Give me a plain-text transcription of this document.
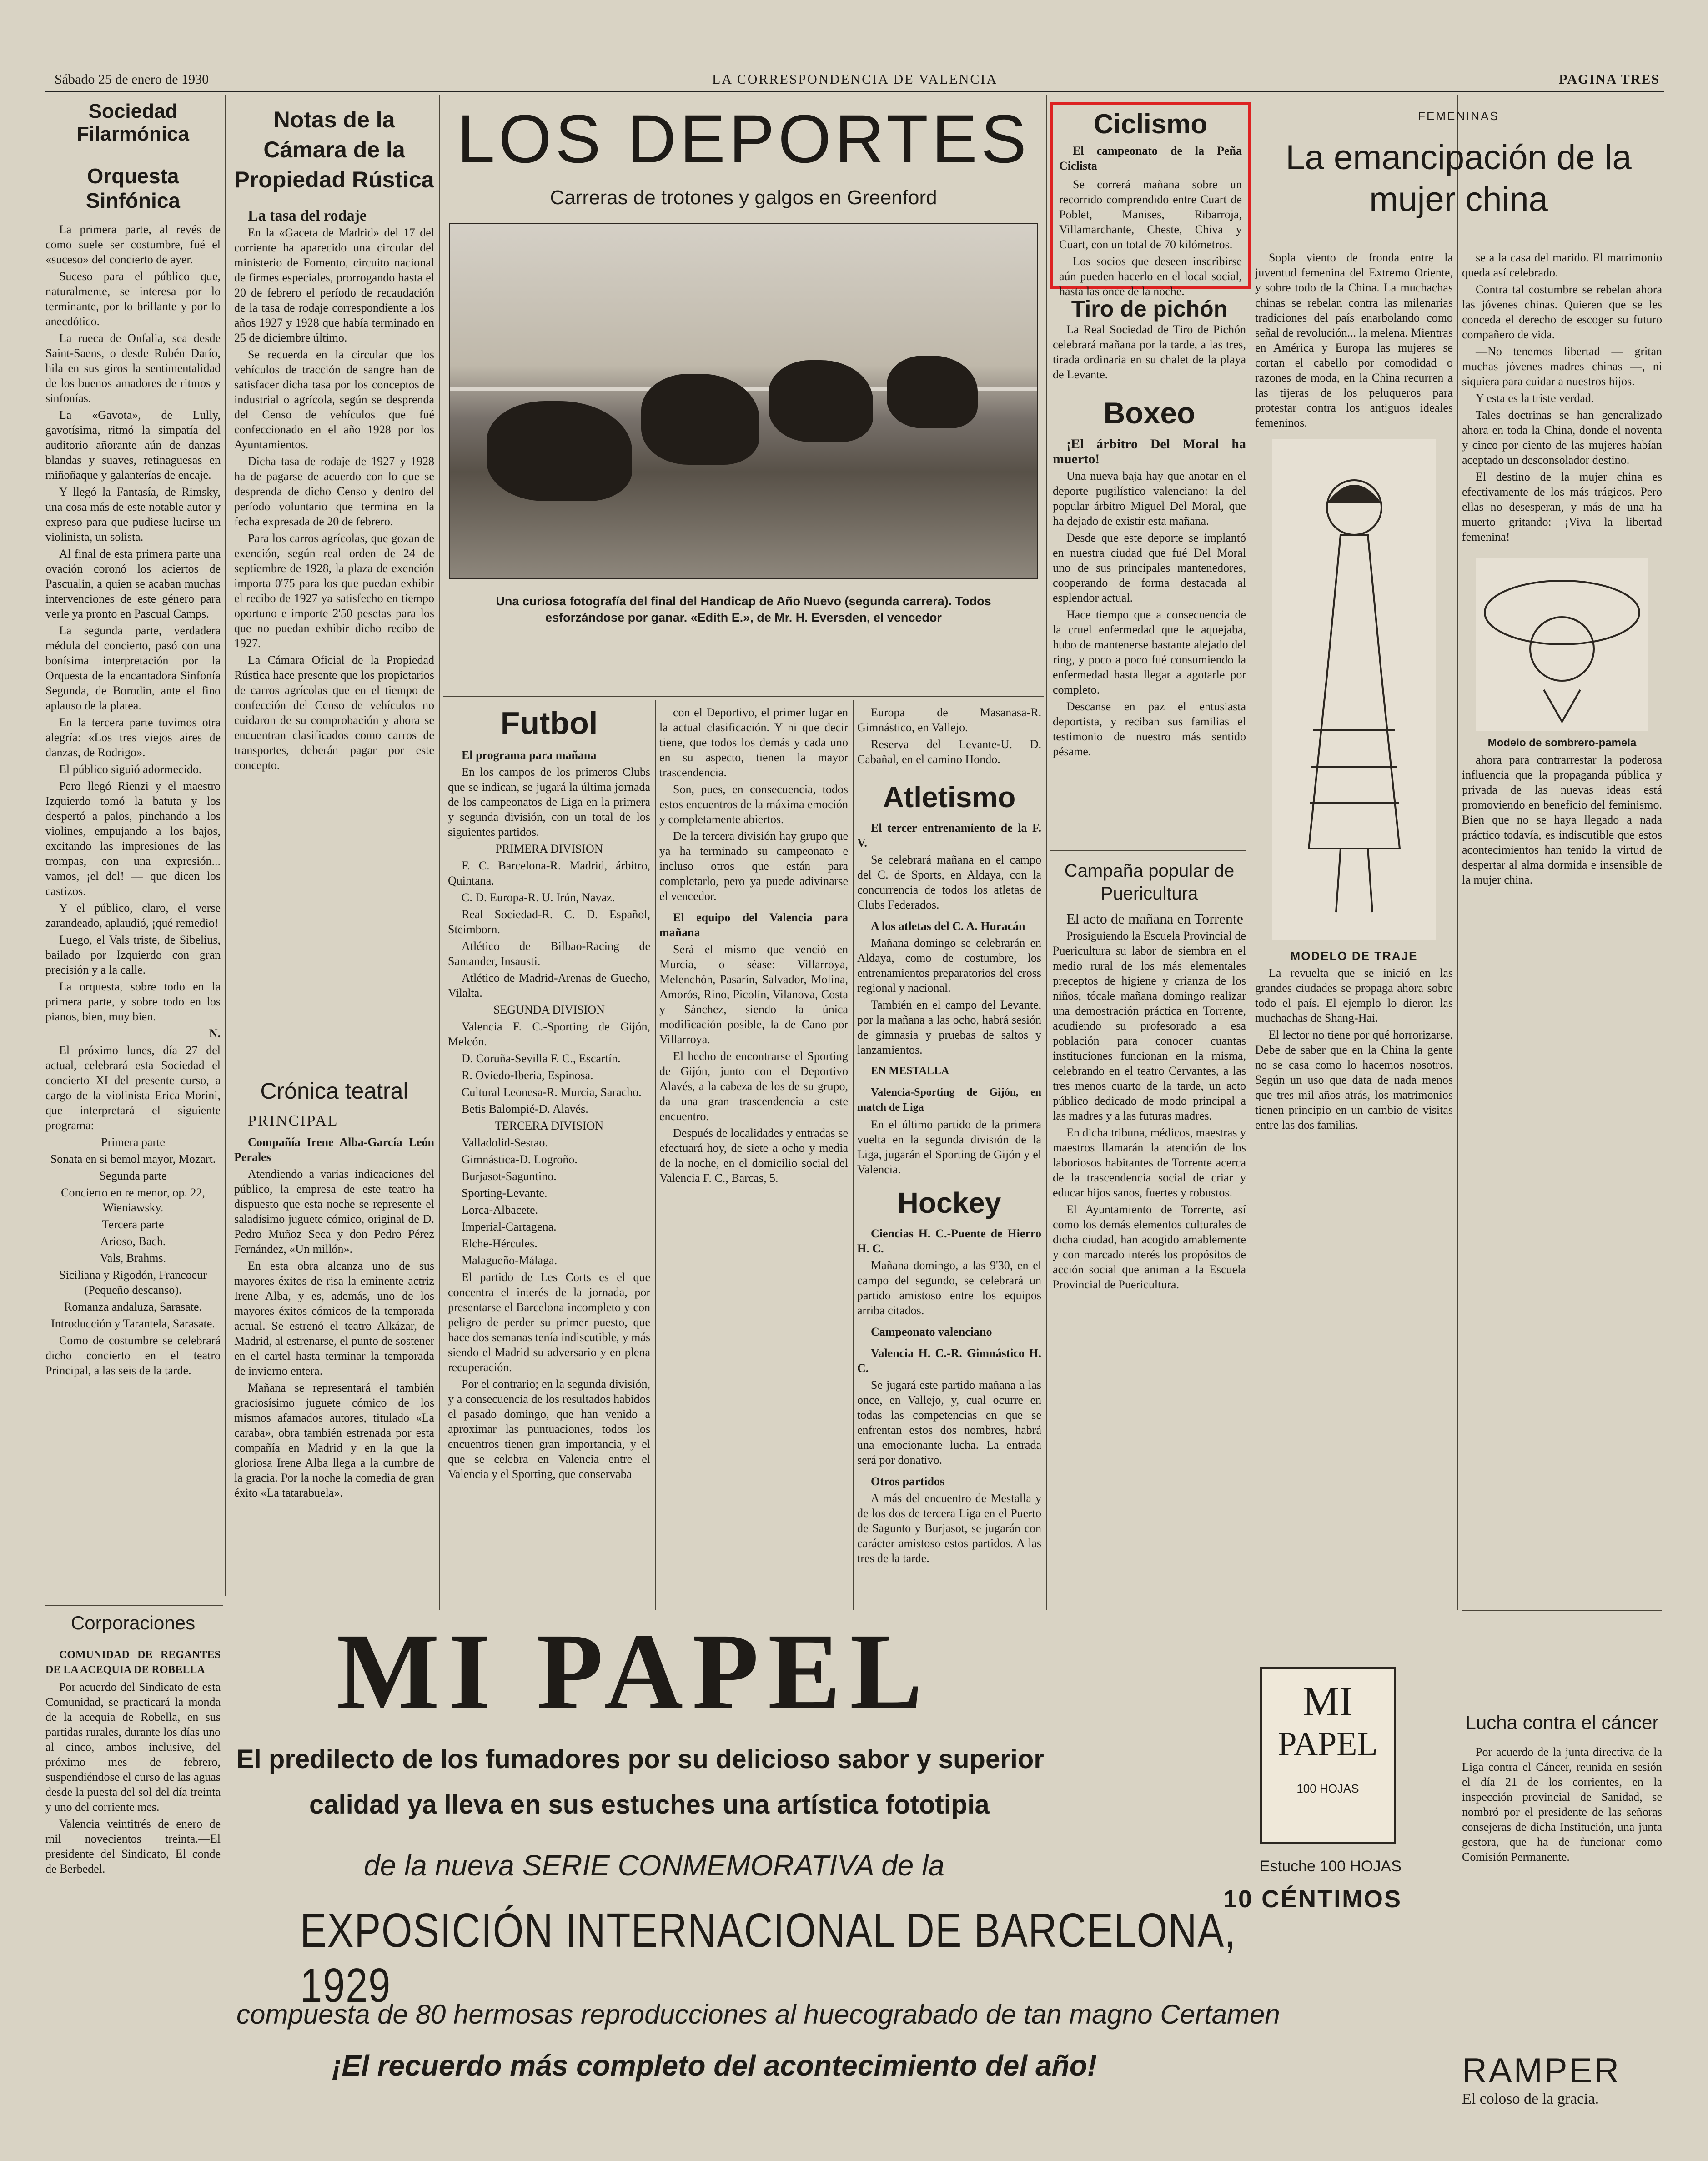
Sábado 25 de enero de 1930	LA CORRESPONDENCIA DE VALENCIA	PAGINA TRES
Sociedad Filarmónica
Orquesta Sinfónica

La primera parte, al revés de como suele ser costumbre, fué el «suceso» del concierto de ayer.

Suceso para el público que, naturalmente, se interesa por lo terminante, por lo brillante y por lo anecdótico.

La rueca de Onfalia, sea desde Saint-Saens, o desde Rubén Darío, hila en sus giros la sentimentalidad de los buenos amadores de ritmos y sinfonías.

La «Gavota», de Lully, gavotísima, ritmó la simpatía del auditorio añorante aún de danzas blandas y suaves, retinaguesas en miñoñaque y galanterías de encaje.

Y llegó la Fantasía, de Rimsky, una cosa más de este notable autor y expreso para que pudiese lucirse un violinista, un solista.

Al final de esta primera parte una ovación coronó los aciertos de Pascualin, a quien se acaban muchas intervenciones de este género para verle ya pronto en Pascual Camps.

La segunda parte, verdadera médula del concierto, pasó con una bonísima interpretación por la Orquesta de la encantadora Sinfonía Segunda, de Borodin, ante el fino aplauso de la platea.

En la tercera parte tuvimos otra alegría: «Los tres viejos aires de danzas, de Rodrigo».

El público siguió adormecido.

Pero llegó Rienzi y el maestro Izquierdo tomó la batuta y los despertó a palos, pinchando a los violines, empujando a los bajos, excitando las impresiones de las trompas, con una expresión... vamos, ¡el del! — que dicen los castizos.

Y el público, claro, el verse zarandeado, aplaudió, ¡qué remedio!

Luego, el Vals triste, de Sibelius, bailado por Izquierdo con gran precisión y a la calle.

La orquesta, sobre todo en la primera parte, y sobre todo en los pianos, bien, muy bien.

N.

El próximo lunes, día 27 del actual, celebrará esta Sociedad el concierto XI del presente curso, a cargo de la violinista Erica Morini, que interpretará el siguiente programa:

Primera parte

Sonata en si bemol mayor, Mozart.

Segunda parte

Concierto en re menor, op. 22, Wieniawsky.

Tercera parte

Arioso, Bach.

Vals, Brahms.

Siciliana y Rigodón, Francoeur (Pequeño descanso).

Romanza andaluza, Sarasate.

Introducción y Tarantela, Sarasate.

Como de costumbre se celebrará dicho concierto en el teatro Principal, a las seis de la tarde.

Corporaciones

COMUNIDAD DE REGANTES DE LA ACEQUIA DE ROBELLA

Por acuerdo del Sindicato de esta Comunidad, se practicará la monda de la acequia de Robella, en sus partidas rurales, durante los días uno al cinco, ambos inclusive, del próximo mes de febrero, suspendiéndose el curso de las aguas desde la puesta del sol del día treinta y uno del corriente mes.

Valencia veintitrés de enero de mil novecientos treinta.—El presidente del Sindicato, El conde de Berbedel.

Notas de la Cámara de la Propiedad Rústica

La tasa del rodaje

En la «Gaceta de Madrid» del 17 del corriente ha aparecido una circular del ministerio de Fomento, circuito nacional de firmes especiales, prorrogando hasta el 20 de febrero el período de recaudación de la tasa de rodaje correspondiente a los años 1927 y 1928 que había terminado en 25 de diciembre último.

Se recuerda en la circular que los vehículos de tracción de sangre han de satisfacer dicha tasa por los conceptos de industrial o agrícola, según se desprenda del Censo de vehículos que fué confeccionado en el año 1928 por los Ayuntamientos.

Dicha tasa de rodaje de 1927 y 1928 ha de pagarse de acuerdo con lo que se desprenda de dicho Censo y dentro del período voluntario que termina en la fecha expresada de 20 de febrero.

Para los carros agrícolas, que gozan de exención, según real orden de 24 de septiembre de 1928, la plaza de exención importa 0'75 para los que puedan exhibir el recibo de 1927 ya satisfecho en tiempo oportuno e importe 2'50 pesetas para los que no puedan exhibir dicho recibo de 1927.

La Cámara Oficial de la Propiedad Rústica hace presente que los propietarios de carros agrícolas que en el tiempo de confección del Censo de vehículos no cuidaron de su comprobación y ahora se encuentran clasificados como carros de transportes, deberán pagar por este concepto.

Crónica teatral

PRINCIPAL

Compañía Irene Alba-García León Perales

Atendiendo a varias indicaciones del público, la empresa de este teatro ha dispuesto que esta noche se represente el saladísimo juguete cómico, original de D. Pedro Muñoz Seca y don Pedro Pérez Fernández, «Un millón».

En esta obra alcanza uno de sus mayores éxitos de risa la eminente actriz Irene Alba, y es, además, uno de los mayores éxitos cómicos de la temporada actual. Se estrenó el teatro Alkázar, de Madrid, al estrenarse, el punto de sostener en el cartel hasta terminar la temporada de invierno entera.

Mañana se representará el también graciosísimo juguete cómico de los mismos afamados autores, titulado «La caraba», obra también estrenada por esta compañía en Madrid y en la que la gloriosa Irene Alba llega a la cumbre de la gracia. Por la noche la comedia de gran éxito «La tatarabuela».

LOS DEPORTES

Carreras de trotones y galgos en Greenford

Una curiosa fotografía del final del Handicap de Año Nuevo (segunda carrera). Todos esforzándose por ganar. «Edith E.», de Mr. H. Eversden, el vencedor

Futbol

El programa para mañana

En los campos de los primeros Clubs que se indican, se jugará la última jornada de los campeonatos de Liga en la primera y segunda división, con un total de los siguientes partidos.

PRIMERA DIVISION

F. C. Barcelona-R. Madrid, árbitro, Quintana.

C. D. Europa-R. U. Irún, Navaz.

Real Sociedad-R. C. D. Español, Steimborn.

Atlético de Bilbao-Racing de Santander, Insausti.

Atlético de Madrid-Arenas de Guecho, Vilalta.

SEGUNDA DIVISION

Valencia F. C.-Sporting de Gijón, Melcón.

D. Coruña-Sevilla F. C., Escartín.

R. Oviedo-Iberia, Espinosa.

Cultural Leonesa-R. Murcia, Saracho.

Betis Balompié-D. Alavés.

TERCERA DIVISION

Valladolid-Sestao.

Gimnástica-D. Logroño.

Burjasot-Saguntino.

Sporting-Levante.

Lorca-Albacete.

Imperial-Cartagena.

Elche-Hércules.

Malagueño-Málaga.

El partido de Les Corts es el que concentra el interés de la jornada, por presentarse el Barcelona incompleto y con peligro de perder su primer puesto, que hace dos semanas tenía indiscutible, y más siendo el Madrid su adversario y en plena recuperación.

Por el contrario; en la segunda división, y a consecuencia de los resultados habidos el pasado domingo, que han venido a aproximar las puntuaciones, todos los encuentros tienen gran importancia, y el que se celebra en Valencia entre el Valencia y el Sporting, que conservaba

con el Deportivo, el primer lugar en la actual clasificación. Y ni que decir tiene, que todos los demás y cada uno en su aspecto, tienen la mayor trascendencia.

Son, pues, en consecuencia, todos estos encuentros de la máxima emoción y completamente abiertos.

De la tercera división hay grupo que ya ha terminado su campeonato e incluso otros que están para completarlo, pero ya puede adivinarse el vencedor.

El equipo del Valencia para mañana

Será el mismo que venció en Murcia, o séase: Villarroya, Melenchón, Pasarín, Salvador, Molina, Amorós, Rino, Picolín, Vilanova, Costa y Sánchez, siendo la única modificación posible, la de Cano por Villarroya.

El hecho de encontrarse el Sporting de Gijón, junto con el Deportivo Alavés, a la cabeza de los de su grupo, da una gran trascendencia a este encuentro.

Después de localidades y entradas se efectuará hoy, de siete a ocho y media de la noche, en el domicilio social del Valencia F. C., Barcas, 5.

Europa de Masanasa-R. Gimnástico, en Vallejo.

Reserva del Levante-U. D. Cabañal, en el camino Hondo.

Atletismo

El tercer entrenamiento de la F. V.

Se celebrará mañana en el campo del C. de Sports, en Aldaya, con la concurrencia de todos los atletas de Clubs Federados.

A los atletas del C. A. Huracán

Mañana domingo se celebrarán en Aldaya, como de costumbre, los entrenamientos preparatorios del cross regional y nacional.

También en el campo del Levante, por la mañana a las ocho, habrá sesión de gimnasia y pruebas de saltos y lanzamientos.

EN MESTALLA

Valencia-Sporting de Gijón, en match de Liga

En el último partido de la primera vuelta en la segunda división de la Liga, jugarán el Sporting de Gijón y el Valencia.

Hockey

Ciencias H. C.-Puente de Hierro H. C.

Mañana domingo, a las 9'30, en el campo del segundo, se celebrará un partido amistoso entre los equipos arriba citados.

Campeonato valenciano

Valencia H. C.-R. Gimnástico H. C.

Se jugará este partido mañana a las once, en Vallejo, y, cual ocurre en todas las competencias en que se enfrentan estos dos nombres, habrá una emocionante lucha. La entrada será por donativo.

Otros partidos

A más del encuentro de Mestalla y de los dos de tercera Liga en el Puerto de Sagunto y Burjasot, se jugarán con carácter amistoso estos partidos. A las tres de la tarde.

Ciclismo

El campeonato de la Peña Ciclista

Se correrá mañana sobre un recorrido comprendido entre Cuart de Poblet, Manises, Ribarroja, Villamarchante, Cheste, Chiva y Cuart, con un total de 70 kilómetros.

Los socios que deseen inscribirse aún pueden hacerlo en el local social, hasta las once de la noche.

Tiro de pichón

La Real Sociedad de Tiro de Pichón celebrará mañana por la tarde, a las tres, tirada ordinaria en su chalet de la playa de Levante.

Boxeo

¡El árbitro Del Moral ha muerto!

Una nueva baja hay que anotar en el deporte pugilístico valenciano: la del popular árbitro Miguel Del Moral, que ha dejado de existir esta mañana.

Desde que este deporte se implantó en nuestra ciudad que fué Del Moral uno de sus principales mantenedores, cooperando de forma destacada al esplendor actual.

Hace tiempo que a consecuencia de la cruel enfermedad que le aquejaba, hubo de mantenerse bastante alejado del ring, y poco a poco fué consumiendo la enfermedad hasta llegar a agotarle por completo.

Descanse en paz el entusiasta deportista, y reciban sus familias el testimonio de nuestro más sentido pésame.

Campaña popular de Puericultura

El acto de mañana en Torrente

Prosiguiendo la Escuela Provincial de Puericultura su labor de siembra en el medio rural de los más elementales preceptos de higiene y crianza de los niños, tócale mañana domingo realizar una demostración práctica en Torrente, acudiendo su profesorado a esa población para conocer cuantas instituciones funcionan en la misma, celebrando en el teatro Cervantes, a las tres menos cuarto de la tarde, un acto público dedicado de modo principal a las madres y a las futuras madres.

En dicha tribuna, médicos, maestras y maestros llamarán la atención de los laboriosos habitantes de Torrente acerca de la trascendencia social de criar y educar hijos sanos, fuertes y robustos.

El Ayuntamiento de Torrente, así como los demás elementos culturales de dicha ciudad, han acogido amablemente y con marcado interés los propósitos de acción social que animan a la Escuela Provincial de Puericultura.

FEMENINAS

La emancipación de la mujer china

Sopla viento de fronda entre la juventud femenina del Extremo Oriente, y sobre todo de la China. La muchachas chinas se rebelan contra las milenarias tradiciones del país enarbolando como señal de revolución... la melena. Mientras en América y Europa las mujeres se cortan el cabello por comodidad o razones de moda, en la China recurren a las tijeras de los peluqueros para protestar contra los antiguos ideales femeninos.

MODELO DE TRAJE

La revuelta que se inició en las grandes ciudades se propaga ahora sobre todo el país. El ejemplo lo dieron las muchachas de Shang-Hai.

El lector no tiene por qué horrorizarse. Debe de saber que en la China la gente no se casa como lo hacemos nosotros. Según un uso que data de nada menos que tres mil años atrás, los matrimonios tienen principio en un cambio de visitas entre las dos familias.

se a la casa del marido. El matrimonio queda así celebrado.

Contra tal costumbre se rebelan ahora las jóvenes chinas. Quieren que se les conceda el derecho de escoger su futuro compañero de vida.

—No tenemos libertad — gritan muchas jóvenes madres chinas —, ni siquiera para cuidar a nuestros hijos.

Y esta es la triste verdad.

Tales doctrinas se han generalizado ahora en toda la China, donde el noventa y cinco por ciento de las mujeres habían aceptado un desconsolador destino.

El destino de la mujer china es efectivamente de los más trágicos. Pero ellas no desesperan, y más de una ha muerto gritando: ¡Viva la libertad femenina!

Modelo de sombrero-pamela

ahora para contrarrestar la poderosa influencia que la propaganda pública y privada de las nuevas ideas está promoviendo en beneficio del feminismo. Bien que no se haya llegado a nada práctico todavía, es indiscutible que estos acontecimientos han tenido la virtud de despertar al alma dormida e insensible de la mujer china.

Lucha contra el cáncer

Por acuerdo de la junta directiva de la Liga contra el Cáncer, reunida en sesión el día 21 de los corrientes, en la inspección provincial de Sanidad, se nombró por el presidente de las señoras consejeras de dicha Institución, una junta gestora, que ha de funcionar como Comisión Permanente.

RAMPER

El coloso de la gracia.

MI PAPEL

El predilecto de los fumadores por su delicioso sabor y superior

calidad ya lleva en sus estuches una artística fototipia

de la nueva SERIE CONMEMORATIVA de la

EXPOSICIÓN INTERNACIONAL DE BARCELONA, 1929

compuesta de 80 hermosas reproducciones al huecograbado de tan magno Certamen

¡El recuerdo más completo del acontecimiento del año!

MI

PAPEL

100 HOJAS

Estuche 100 HOJAS

10 CÉNTIMOS
